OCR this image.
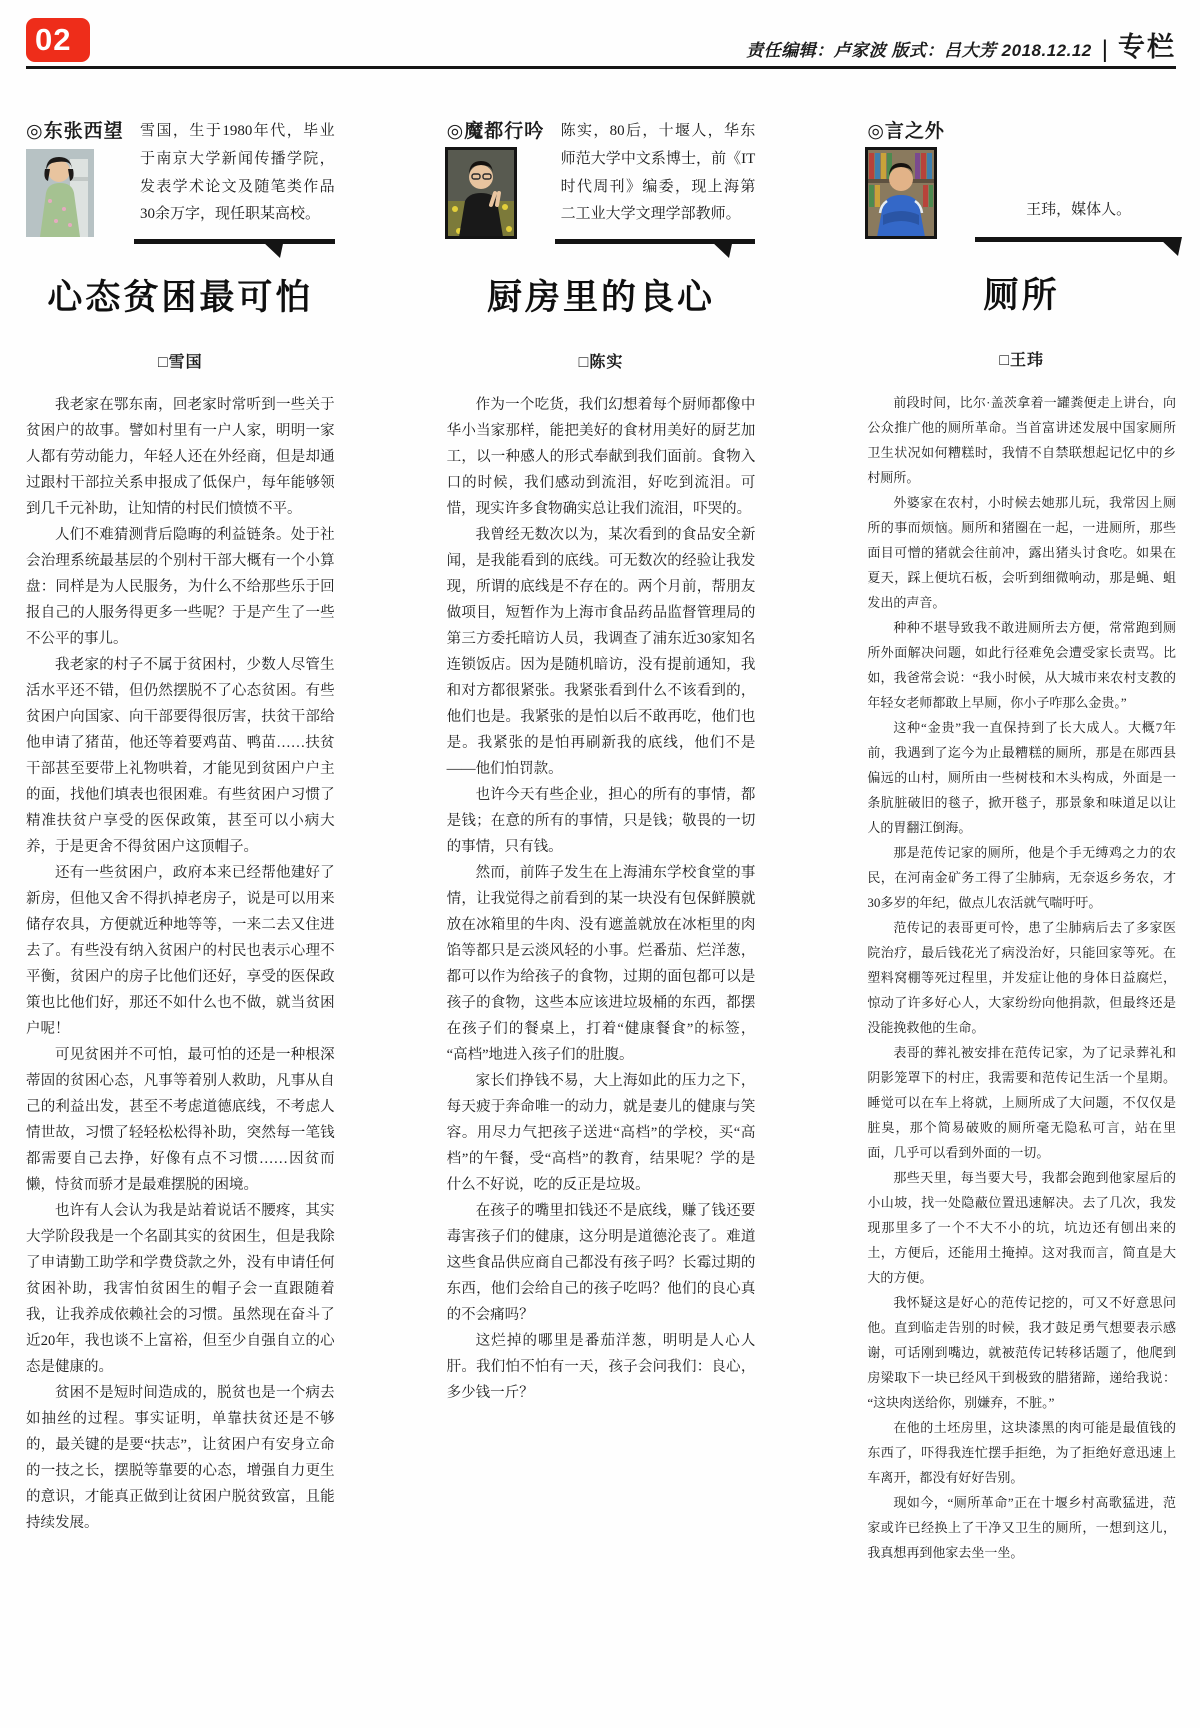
02	责任编辑：卢家波 版式：吕大芳 2018.12.12 | 专栏
◎东张西望	雪国，生于1980年代，毕业于南京大学新闻传播学院，发表学术论文及随笔类作品30余万字，现任职某高校。
心态贫困最可怕
□雪国

我老家在鄂东南，回老家时常听到一些关于贫困户的故事。譬如村里有一户人家，明明一家人都有劳动能力，年轻人还在外经商，但是却通过跟村干部拉关系申报成了低保户，每年能够领到几千元补助，让知情的村民们愤愤不平。

人们不难猜测背后隐晦的利益链条。处于社会治理系统最基层的个别村干部大概有一个小算盘：同样是为人民服务，为什么不给那些乐于回报自己的人服务得更多一些呢？于是产生了一些不公平的事儿。

我老家的村子不属于贫困村，少数人尽管生活水平还不错，但仍然摆脱不了心态贫困。有些贫困户向国家、向干部要得很厉害，扶贫干部给他申请了猪苗，他还等着要鸡苗、鸭苗……扶贫干部甚至要带上礼物哄着，才能见到贫困户户主的面，找他们填表也很困难。有些贫困户习惯了精准扶贫户享受的医保政策，甚至可以小病大养，于是更舍不得贫困户这顶帽子。

还有一些贫困户，政府本来已经帮他建好了新房，但他又舍不得扒掉老房子，说是可以用来储存农具，方便就近种地等等，一来二去又住进去了。有些没有纳入贫困户的村民也表示心理不平衡，贫困户的房子比他们还好，享受的医保政策也比他们好，那还不如什么也不做，就当贫困户呢！

可见贫困并不可怕，最可怕的还是一种根深蒂固的贫困心态，凡事等着别人救助，凡事从自己的利益出发，甚至不考虑道德底线，不考虑人情世故，习惯了轻轻松松得补助，突然每一笔钱都需要自己去挣，好像有点不习惯……因贫而懒，恃贫而骄才是最难摆脱的困境。

也许有人会认为我是站着说话不腰疼，其实大学阶段我是一个名副其实的贫困生，但是我除了申请勤工助学和学费贷款之外，没有申请任何贫困补助，我害怕贫困生的帽子会一直跟随着我，让我养成依赖社会的习惯。虽然现在奋斗了近20年，我也谈不上富裕，但至少自强自立的心态是健康的。

贫困不是短时间造成的，脱贫也是一个病去如抽丝的过程。事实证明，单靠扶贫还是不够的，最关键的是要“扶志”，让贫困户有安身立命的一技之长，摆脱等靠要的心态，增强自力更生的意识，才能真正做到让贫困户脱贫致富，且能持续发展。

◎魔都行吟	陈实，80后，十堰人，华东师范大学中文系博士，前《IT时代周刊》编委，现上海第二工业大学文理学部教师。
厨房里的良心
□陈实

作为一个吃货，我们幻想着每个厨师都像中华小当家那样，能把美好的食材用美好的厨艺加工，以一种感人的形式奉献到我们面前。食物入口的时候，我们感动到流泪，好吃到流泪。可惜，现实许多食物确实总让我们流泪，吓哭的。

我曾经无数次以为，某次看到的食品安全新闻，是我能看到的底线。可无数次的经验让我发现，所谓的底线是不存在的。两个月前，帮朋友做项目，短暂作为上海市食品药品监督管理局的第三方委托暗访人员，我调查了浦东近30家知名连锁饭店。因为是随机暗访，没有提前通知，我和对方都很紧张。我紧张看到什么不该看到的，他们也是。我紧张的是怕以后不敢再吃，他们也是。我紧张的是怕再刷新我的底线，他们不是——他们怕罚款。

也许今天有些企业，担心的所有的事情，都是钱；在意的所有的事情，只是钱；敬畏的一切的事情，只有钱。

然而，前阵子发生在上海浦东学校食堂的事情，让我觉得之前看到的某一块没有包保鲜膜就放在冰箱里的牛肉、没有遮盖就放在冰柜里的肉馅等都只是云淡风轻的小事。烂番茄、烂洋葱，都可以作为给孩子的食物，过期的面包都可以是孩子的食物，这些本应该进垃圾桶的东西，都摆在孩子们的餐桌上，打着“健康餐食”的标签，“高档”地进入孩子们的肚腹。

家长们挣钱不易，大上海如此的压力之下，每天疲于奔命唯一的动力，就是妻儿的健康与笑容。用尽力气把孩子送进“高档”的学校，买“高档”的午餐，受“高档”的教育，结果呢？学的是什么不好说，吃的反正是垃圾。

在孩子的嘴里扣钱还不是底线，赚了钱还要毒害孩子们的健康，这分明是道德沦丧了。难道这些食品供应商自己都没有孩子吗？长霉过期的东西，他们会给自己的孩子吃吗？他们的良心真的不会痛吗？

这烂掉的哪里是番茄洋葱，明明是人心人肝。我们怕不怕有一天，孩子会问我们：良心，多少钱一斤？

◎言之外
王玮，媒体人。
厕所
□王玮

前段时间，比尔·盖茨拿着一罐粪便走上讲台，向公众推广他的厕所革命。当首富讲述发展中国家厕所卫生状况如何糟糕时，我情不自禁联想起记忆中的乡村厕所。

外婆家在农村，小时候去她那儿玩，我常因上厕所的事而烦恼。厕所和猪圈在一起，一进厕所，那些面目可憎的猪就会往前冲，露出猪头讨食吃。如果在夏天，踩上便坑石板，会听到细微响动，那是蝇、蛆发出的声音。

种种不堪导致我不敢进厕所去方便，常常跑到厕所外面解决问题，如此行径难免会遭受家长责骂。比如，我爸常会说：“我小时候，从大城市来农村支教的年轻女老师都敢上早厕，你小子咋那么金贵。”

这种“金贵”我一直保持到了长大成人。大概7年前，我遇到了迄今为止最糟糕的厕所，那是在郧西县偏远的山村，厕所由一些树枝和木头构成，外面是一条肮脏破旧的毯子，掀开毯子，那景象和味道足以让人的胃翻江倒海。

那是范传记家的厕所，他是个手无缚鸡之力的农民，在河南金矿务工得了尘肺病，无奈返乡务农，才30多岁的年纪，做点儿农活就气喘吁吁。

范传记的表哥更可怜，患了尘肺病后去了多家医院治疗，最后钱花光了病没治好，只能回家等死。在塑料窝棚等死过程里，并发症让他的身体日益腐烂，惊动了许多好心人，大家纷纷向他捐款，但最终还是没能挽救他的生命。

表哥的葬礼被安排在范传记家，为了记录葬礼和阴影笼罩下的村庄，我需要和范传记生活一个星期。睡觉可以在车上将就，上厕所成了大问题，不仅仅是脏臭，那个简易破败的厕所毫无隐私可言，站在里面，几乎可以看到外面的一切。

那些天里，每当要大号，我都会跑到他家屋后的小山坡，找一处隐蔽位置迅速解决。去了几次，我发现那里多了一个不大不小的坑，坑边还有刨出来的土，方便后，还能用土掩掉。这对我而言，简直是大大的方便。

我怀疑这是好心的范传记挖的，可又不好意思问他。直到临走告别的时候，我才鼓足勇气想要表示感谢，可话刚到嘴边，就被范传记转移话题了，他爬到房梁取下一块已经风干到极致的腊猪蹄，递给我说：“这块肉送给你，别嫌弃，不脏。”

在他的土坯房里，这块漆黑的肉可能是最值钱的东西了，吓得我连忙摆手拒绝，为了拒绝好意迅速上车离开，都没有好好告别。

现如今，“厕所革命”正在十堰乡村高歌猛进，范家或许已经换上了干净又卫生的厕所，一想到这儿，我真想再到他家去坐一坐。
